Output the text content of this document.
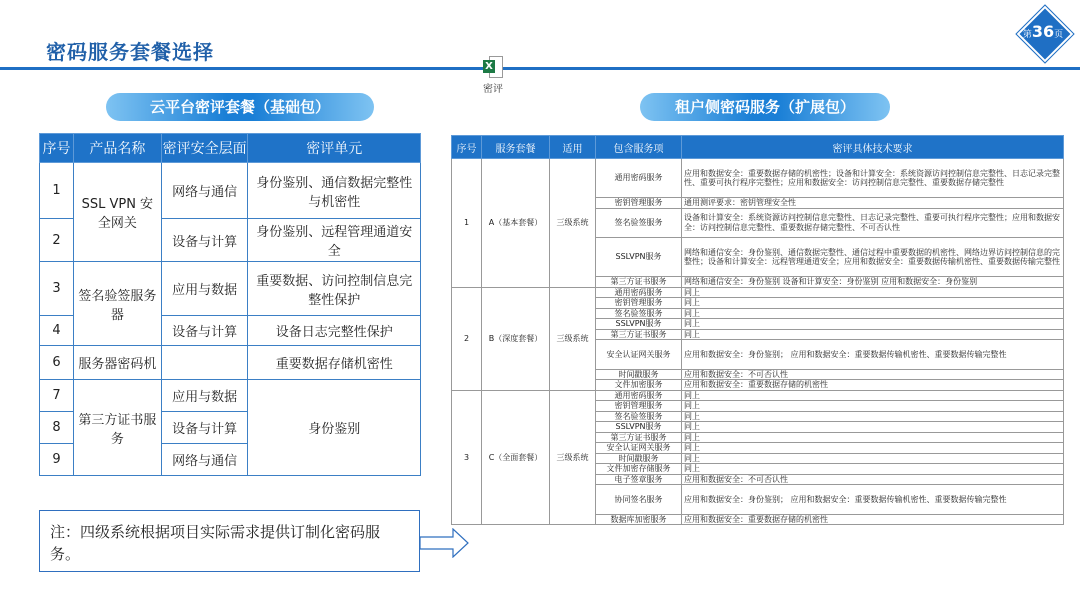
密码服务套餐选择
第36页
X
密评
云平台密评套餐（基础包）	租户侧密码服务（扩展包）
序号	产品名称	密评安全层面	密评单元
1	SSL VPN 安全网关	网络与通信	身份鉴别、通信数据完整性与机密性
2		设备与计算	身份鉴别、远程管理通道安全
3	签名验签服务器	应用与数据	重要数据、访问控制信息完整性保护
4		设备与计算	设备日志完整性保护
6	服务器密码机		重要数据存储机密性
7	第三方证书服务	应用与数据	身份鉴别
8		设备与计算	
9		网络与通信	
注：四级系统根据项目实际需求提供订制化密码服务。
序号	服务套餐	适用	包含服务项	密评具体技术要求
1	A（基本套餐）	三级系统	通用密码服务	应用和数据安全：重要数据存储的机密性；设备和计算安全：系统资源访问控制信息完整性、日志记录完整性、重要可执行程序完整性；应用和数据安全：访问控制信息完整性、重要数据存储完整性
			密钥管理服务	通用测评要求：密钥管理安全性
			签名验签服务	设备和计算安全：系统资源访问控制信息完整性、日志记录完整性、重要可执行程序完整性；应用和数据安全：访问控制信息完整性、重要数据存储完整性、不可否认性
			SSLVPN服务	网络和通信安全：身份鉴别、通信数据完整性、通信过程中重要数据的机密性、网络边界访问控制信息的完整性；设备和计算安全：远程管理通道安全；应用和数据安全：重要数据传输机密性、重要数据传输完整性
			第三方证书服务	网络和通信安全：身份鉴别 设备和计算安全：身份鉴别 应用和数据安全：身份鉴别
2	B（深度套餐）	三级系统	通用密码服务	同上
			密钥管理服务	同上
			签名验签服务	同上
			SSLVPN服务	同上
			第三方证书服务	同上
			安全认证网关服务	应用和数据安全：身份鉴别； 应用和数据安全：重要数据传输机密性、重要数据传输完整性
			时间戳服务	应用和数据安全：不可否认性
			文件加密服务	应用和数据安全：重要数据存储的机密性
3	C（全面套餐）	三级系统	通用密码服务	同上
			密钥管理服务	同上
			签名验签服务	同上
			SSLVPN服务	同上
			第三方证书服务	同上
			安全认证网关服务	同上
			时间戳服务	同上
			文件加密存储服务	同上
			电子签章服务	应用和数据安全：不可否认性
			协同签名服务	应用和数据安全：身份鉴别； 应用和数据安全：重要数据传输机密性、重要数据传输完整性
			数据库加密服务	应用和数据安全：重要数据存储的机密性
